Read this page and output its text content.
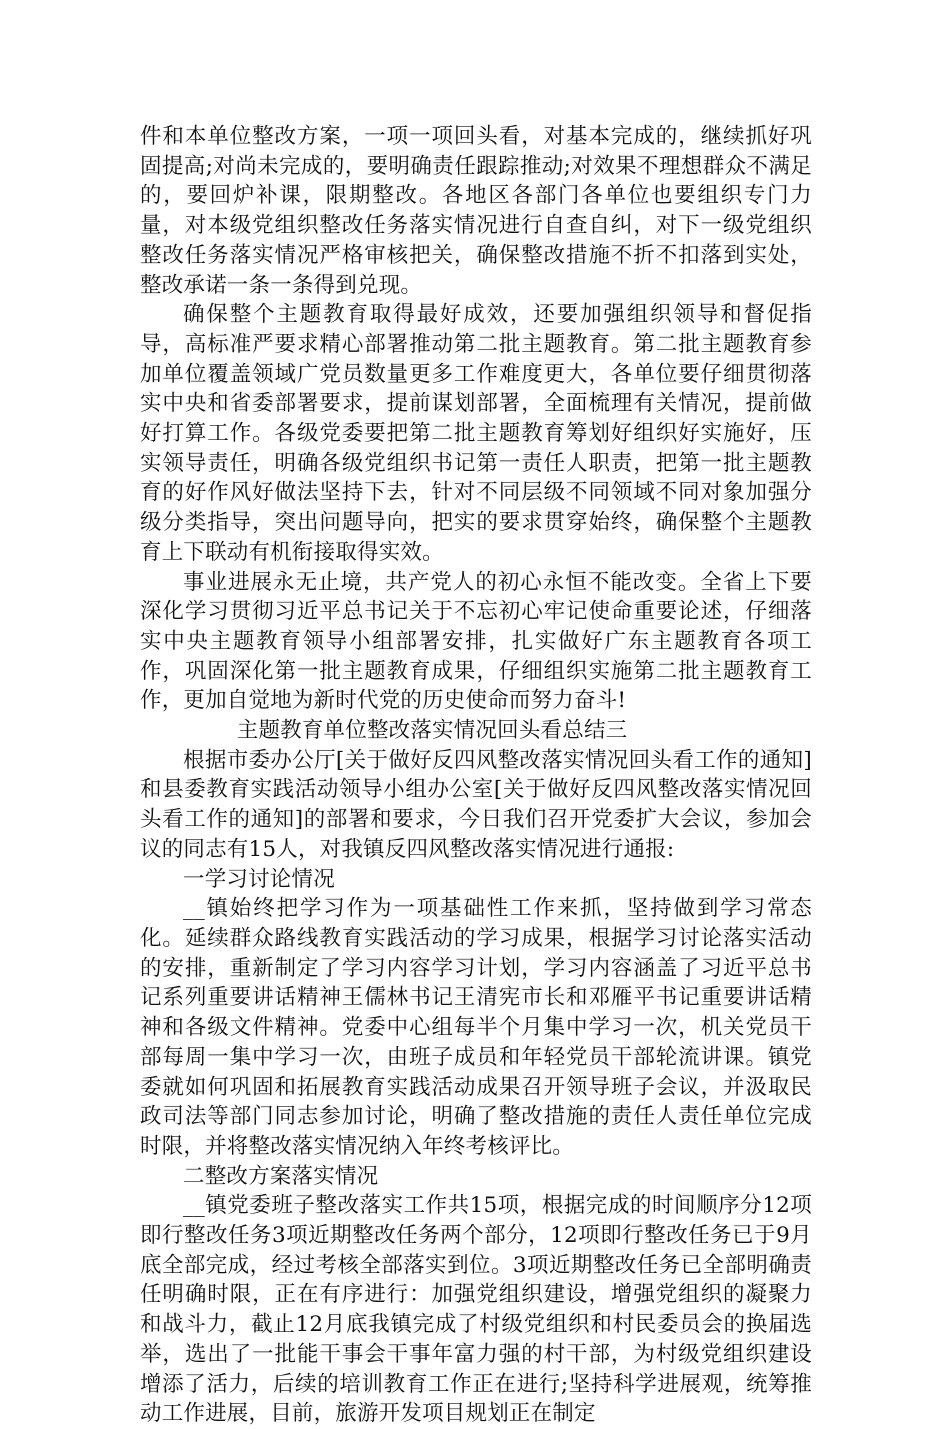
件和本单位整改方案，一项一项回头看，对基本完成的，继续抓好巩固提高;对尚未完成的，要明确责任跟踪推动;对效果不理想群众不满足的，要回炉补课，限期整改。各地区各部门各单位也要组织专门力量，对本级党组织整改任务落实情况进行自查自纠，对下一级党组织整改任务落实情况严格审核把关，确保整改措施不折不扣落到实处，整改承诺一条一条得到兑现。

确保整个主题教育取得最好成效，还要加强组织领导和督促指导，高标准严要求精心部署推动第二批主题教育。第二批主题教育参加单位覆盖领域广党员数量更多工作难度更大，各单位要仔细贯彻落实中央和省委部署要求，提前谋划部署，全面梳理有关情况，提前做好打算工作。各级党委要把第二批主题教育筹划好组织好实施好，压实领导责任，明确各级党组织书记第一责任人职责，把第一批主题教育的好作风好做法坚持下去，针对不同层级不同领域不同对象加强分级分类指导，突出问题导向，把实的要求贯穿始终，确保整个主题教育上下联动有机衔接取得实效。

事业进展永无止境，共产党人的初心永恒不能改变。全省上下要深化学习贯彻习近平总书记关于不忘初心牢记使命重要论述，仔细落实中央主题教育领导小组部署安排，扎实做好广东主题教育各项工作，巩固深化第一批主题教育成果，仔细组织实施第二批主题教育工作，更加自觉地为新时代党的历史使命而努力奋斗!

主题教育单位整改落实情况回头看总结三

根据市委办公厅[关于做好反四风整改落实情况回头看工作的通知]和县委教育实践活动领导小组办公室[关于做好反四风整改落实情况回头看工作的通知]的部署和要求，今日我们召开党委扩大会议，参加会议的同志有15人，对我镇反四风整改落实情况进行通报:

一学习讨论情况

__镇始终把学习作为一项基础性工作来抓，坚持做到学习常态化。延续群众路线教育实践活动的学习成果，根据学习讨论落实活动的安排，重新制定了学习内容学习计划，学习内容涵盖了习近平总书记系列重要讲话精神王儒林书记王清宪市长和邓雁平书记重要讲话精神和各级文件精神。党委中心组每半个月集中学习一次，机关党员干部每周一集中学习一次，由班子成员和年轻党员干部轮流讲课。镇党委就如何巩固和拓展教育实践活动成果召开领导班子会议，并汲取民政司法等部门同志参加讨论，明确了整改措施的责任人责任单位完成时限，并将整改落实情况纳入年终考核评比。

二整改方案落实情况

__镇党委班子整改落实工作共15项，根据完成的时间顺序分12项即行整改任务3项近期整改任务两个部分，12项即行整改任务已于9月底全部完成，经过考核全部落实到位。3项近期整改任务已全部明确责任明确时限，正在有序进行：加强党组织建设，增强党组织的凝聚力和战斗力，截止12月底我镇完成了村级党组织和村民委员会的换届选举，选出了一批能干事会干事年富力强的村干部，为村级党组织建设增添了活力，后续的培训教育工作正在进行;坚持科学进展观，统筹推动工作进展，目前，旅游开发项目规划正在制定
